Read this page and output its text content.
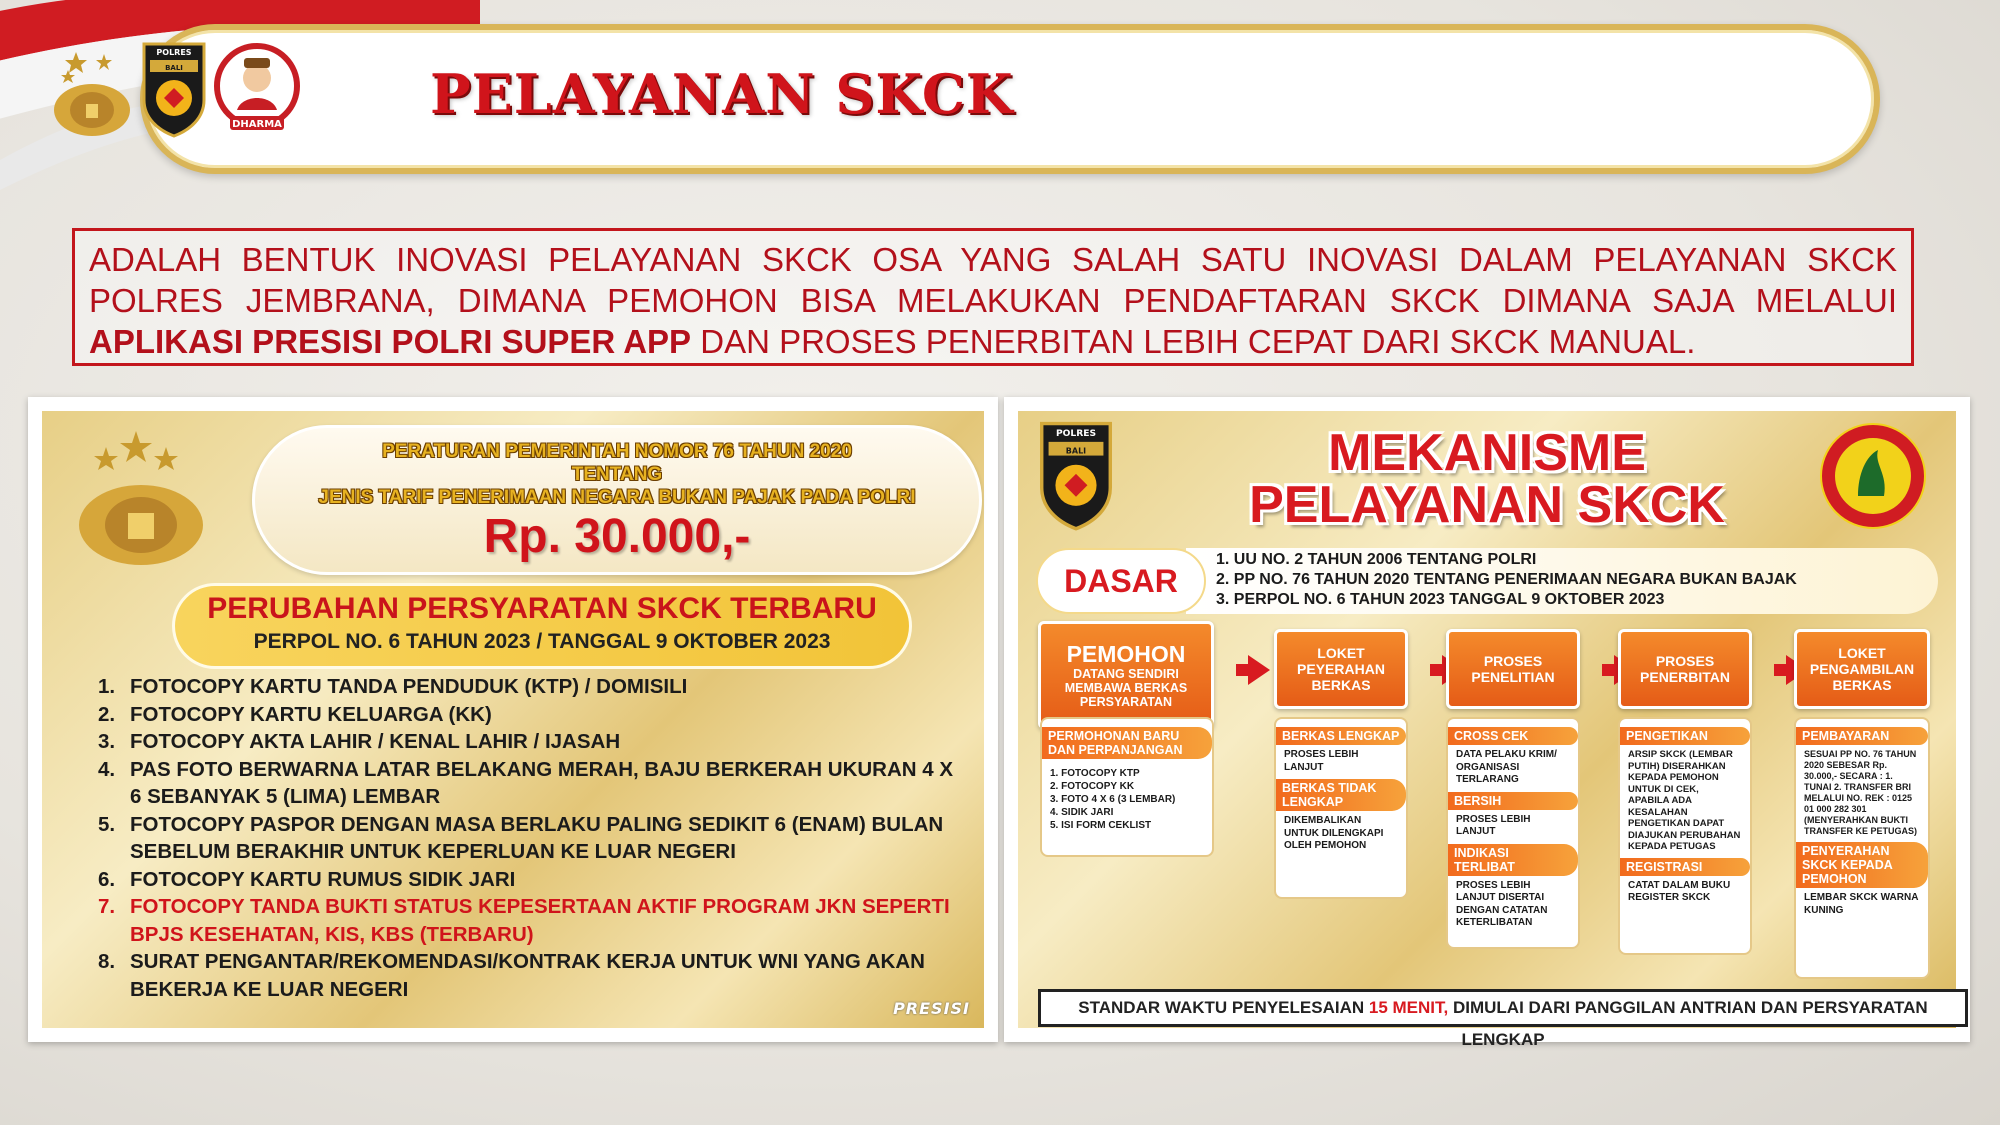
POLRES
BALI
DHARMA	PELAYANAN SKCK
ADALAH BENTUK INOVASI PELAYANAN SKCK OSA YANG SALAH SATU INOVASI DALAM PELAYANAN SKCK POLRES JEMBRANA, DIMANA PEMOHON BISA MELAKUKAN PENDAFTARAN SKCK DIMANA SAJA MELALUI APLIKASI PRESISI POLRI SUPER APP DAN PROSES PENERBITAN LEBIH CEPAT DARI SKCK MANUAL.
PERATURAN PEMERINTAH NOMOR 76 TAHUN 2020
TENTANG
JENIS TARIF PENERIMAAN NEGARA BUKAN PAJAK PADA POLRI
Rp. 30.000,-
PERUBAHAN PERSYARATAN SKCK TERBARU
PERPOL NO. 6 TAHUN 2023 / TANGGAL 9 OKTOBER 2023
1. FOTOCOPY KARTU TANDA PENDUDUK (KTP) / DOMISILI
2. FOTOCOPY KARTU KELUARGA (KK)
3. FOTOCOPY AKTA LAHIR / KENAL LAHIR / IJASAH
4. PAS FOTO BERWARNA LATAR BELAKANG MERAH, BAJU BERKERAH UKURAN 4 X 6 SEBANYAK 5 (LIMA) LEMBAR
5. FOTOCOPY PASPOR DENGAN MASA BERLAKU PALING SEDIKIT 6 (ENAM) BULAN SEBELUM BERAKHIR UNTUK KEPERLUAN KE LUAR NEGERI
6. FOTOCOPY KARTU RUMUS SIDIK JARI
7. FOTOCOPY TANDA BUKTI STATUS KEPESERTAAN AKTIF PROGRAM JKN SEPERTI BPJS KESEHATAN, KIS, KBS (TERBARU)
8. SURAT PENGANTAR/REKOMENDASI/KONTRAK KERJA UNTUK WNI YANG AKAN BEKERJA KE LUAR NEGERI
PRESISI
POLRES
BALI	MEKANISME
PELAYANAN SKCK
1. UU NO. 2 TAHUN 2006 TENTANG POLRI
2. PP NO. 76 TAHUN 2020 TENTANG PENERIMAAN NEGARA BUKAN BAJAK
3. PERPOL NO. 6 TAHUN 2023 TANGGAL 9 OKTOBER 2023
DASAR
PEMOHON
DATANG SENDIRI MEMBAWA BERKAS PERSYARATAN
LOKET PEYERAHAN BERKAS
PROSES PENELITIAN
PROSES PENERBITAN
LOKET PENGAMBILAN BERKAS
PERMOHONAN BARU DAN PERPANJANGAN
1. FOTOCOPY KTP
2. FOTOCOPY KK
3. FOTO 4 X 6 (3 LEMBAR)
4. SIDIK JARI
5. ISI FORM CEKLIST
BERKAS LENGKAP
PROSES LEBIH LANJUT
BERKAS TIDAK LENGKAP
DIKEMBALIKAN UNTUK DILENGKAPI OLEH PEMOHON
CROSS CEK
DATA PELAKU KRIM/ ORGANISASI TERLARANG
BERSIH
PROSES LEBIH LANJUT
INDIKASI TERLIBAT
PROSES LEBIH LANJUT DISERTAI DENGAN CATATAN KETERLIBATAN
PENGETIKAN
ARSIP SKCK (LEMBAR PUTIH) DISERAHKAN KEPADA PEMOHON UNTUK DI CEK, APABILA ADA KESALAHAN PENGETIKAN DAPAT DIAJUKAN PERUBAHAN KEPADA PETUGAS
REGISTRASI
CATAT DALAM BUKU REGISTER SKCK
PEMBAYARAN
SESUAI PP NO. 76 TAHUN 2020 SEBESAR Rp. 30.000,- SECARA : 1. TUNAI 2. TRANSFER BRI MELALUI NO. REK : 0125 01 000 282 301 (MENYERAHKAN BUKTI TRANSFER KE PETUGAS)
PENYERAHAN SKCK KEPADA PEMOHON
LEMBAR SKCK WARNA KUNING
STANDAR WAKTU PENYELESAIAN 15 MENIT, DIMULAI DARI PANGGILAN ANTRIAN DAN PERSYARATAN LENGKAP
